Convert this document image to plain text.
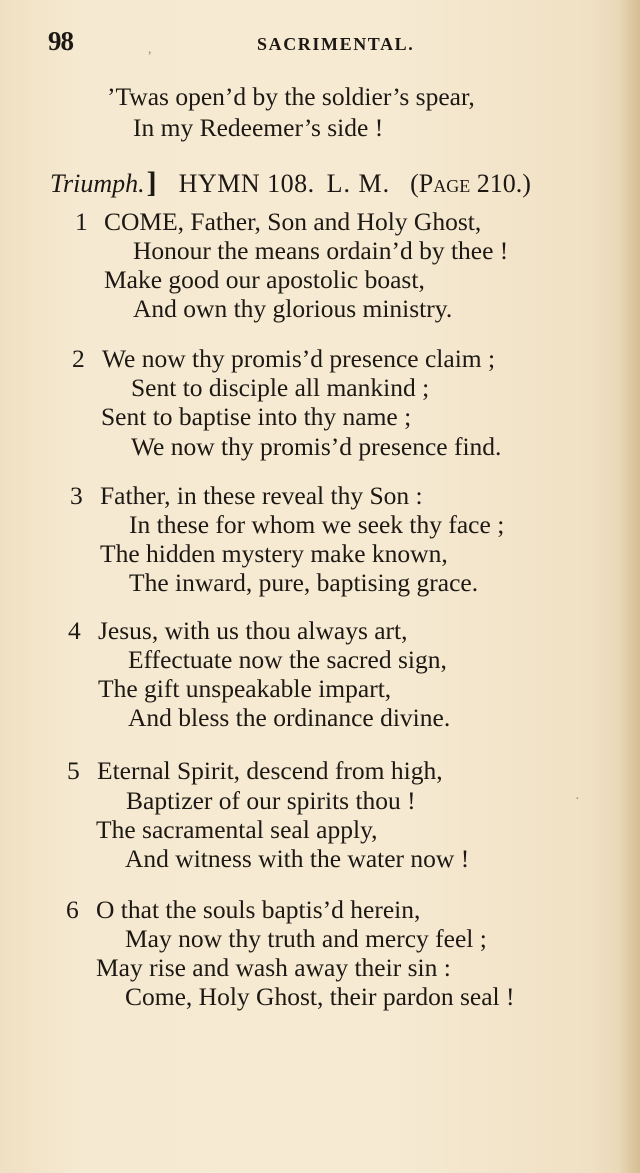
98	SACRIMENTAL.
’Twas open’d by the soldier’s spear,
In my Redeemer’s side !
Triumph.] HYMN 108. L. M. (Page 210.)
1 COME, Father, Son and Holy Ghost,
Honour the means ordain’d by thee !
Make good our apostolic boast,
And own thy glorious ministry.
2 We now thy promis’d presence claim ;
Sent to disciple all mankind ;
Sent to baptise into thy name ;
We now thy promis’d presence find.
3 Father, in these reveal thy Son :
In these for whom we seek thy face ;
The hidden mystery make known,
The inward, pure, baptising grace.
4 Jesus, with us thou always art,
Effectuate now the sacred sign,
The gift unspeakable impart,
And bless the ordinance divine.
5 Eternal Spirit, descend from high,
Baptizer of our spirits thou !
The sacramental seal apply,
And witness with the water now !
6 O that the souls baptis’d herein,
May now thy truth and mercy feel ;
May rise and wash away their sin :
Come, Holy Ghost, their pardon seal !
,
·
